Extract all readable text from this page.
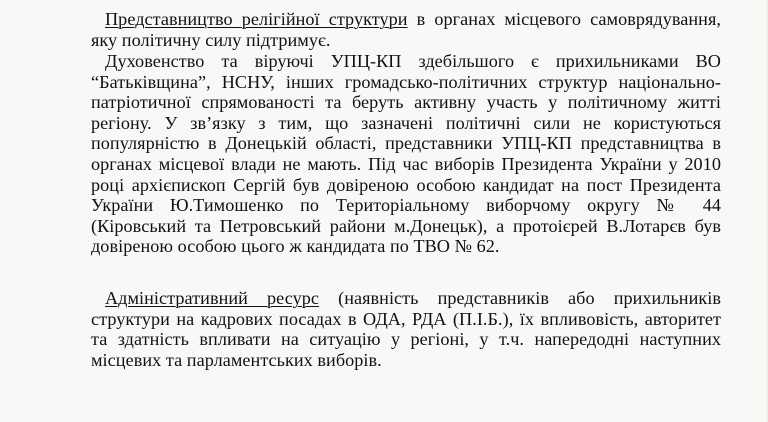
Представництво релігійної структури в органах місцевого самоврядування, яку політичну силу підтримує.

Духовенство та віруючі УПЦ-КП здебільшого є прихильниками ВО “Батьківщина”, НСНУ, інших громадсько-політичних структур національно-патріотичної спрямованості та беруть активну участь у політичному житті регіону. У зв’язку з тим, що зазначені політичні сили не користуються популярністю в Донецькій області, представники УПЦ-КП представництва в органах місцевої влади не мають. Під час виборів Президента України у 2010 році архієпископ Сергій був довіреною особою кандидат на пост Президента України Ю.Тимошенко по Територіальному виборчому округу № 44 (Кіровський та Петровський райони м.Донецьк), а протоієрей В.Лотарєв був довіреною особою цього ж кандидата по ТВО № 62.

Адміністративний ресурс (наявність представників або прихильників структури на кадрових посадах в ОДА, РДА (П.І.Б.), їх впливовість, авторитет та здатність впливати на ситуацію у регіоні, у т.ч. напередодні наступних місцевих та парламентських виборів.
